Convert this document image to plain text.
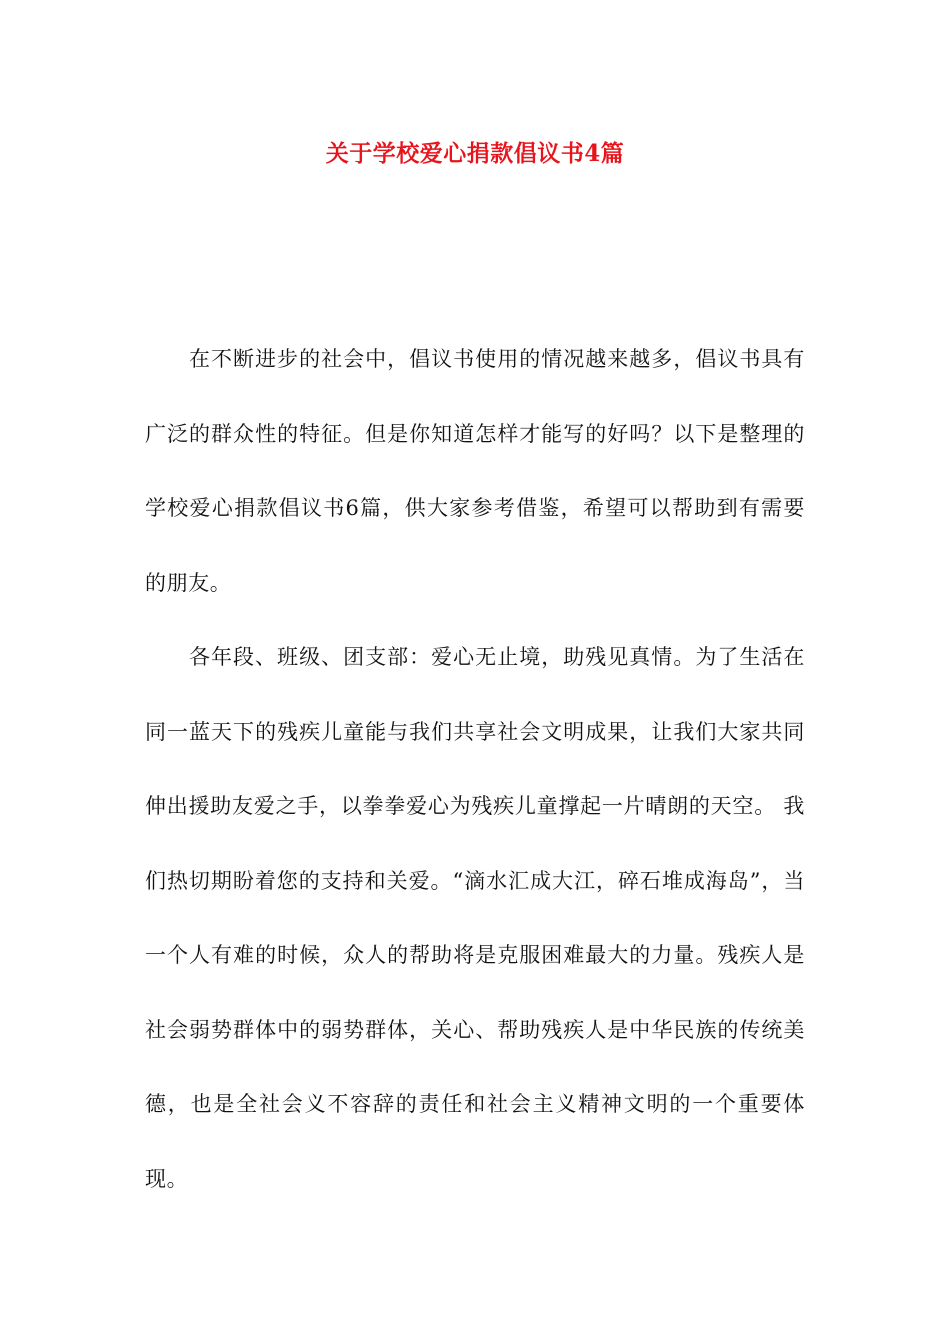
关于学校爱心捐款倡议书4篇

在不断进步的社会中，倡议书使用的情况越来越多，倡议书具有广泛的群众性的特征。但是你知道怎样才能写的好吗？以下是整理的学校爱心捐款倡议书6篇，供大家参考借鉴，希望可以帮助到有需要的朋友。

各年段、班级、团支部：爱心无止境，助残见真情。为了生活在同一蓝天下的残疾儿童能与我们共享社会文明成果，让我们大家共同伸出援助友爱之手，以拳拳爱心为残疾儿童撑起一片晴朗的天空。 我们热切期盼着您的支持和关爱。“滴水汇成大江，碎石堆成海岛”，当一个人有难的时候，众人的帮助将是克服困难最大的力量。残疾人是社会弱势群体中的弱势群体，关心、帮助残疾人是中华民族的传统美德，也是全社会义不容辞的责任和社会主义精神文明的一个重要体现。
